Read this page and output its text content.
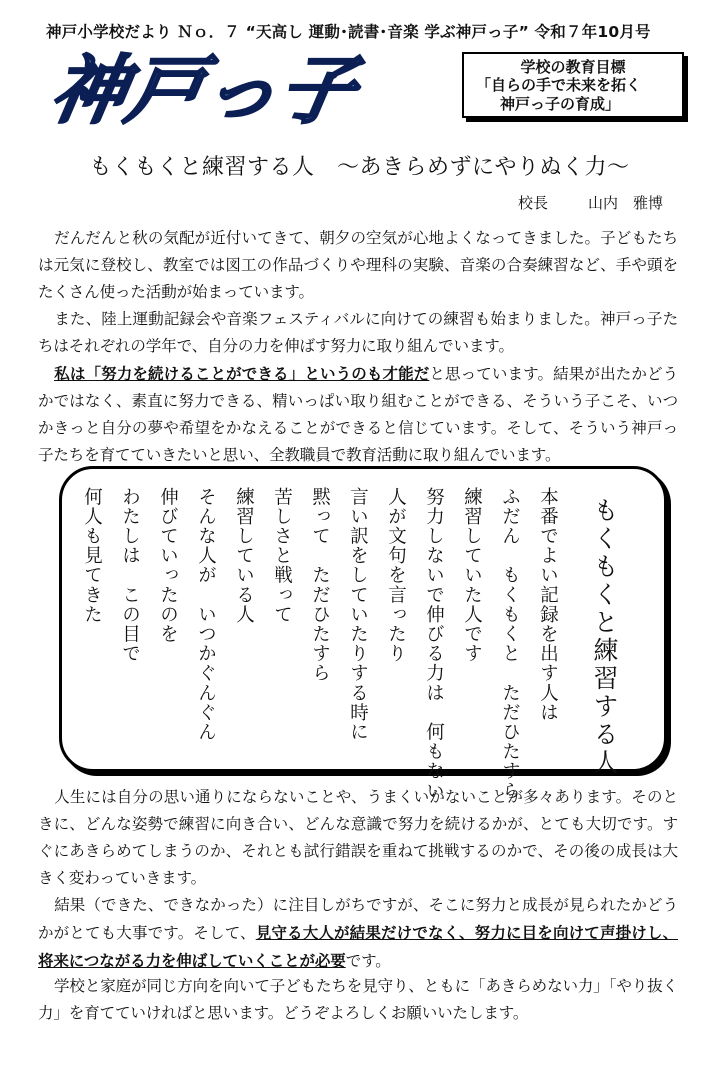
神戸小学校だより Ｎｏ．７ “天高し 運動･読書･音楽 学ぶ神戸っ子” 令和７年10月号
神戸っ子	学校の教育目標
「自らの手で未来を拓く
神戸っ子の育成」
もくもくと練習する人　～あきらめずにやりぬく力～
校長	山内　雅博
だんだんと秋の気配が近付いてきて、朝夕の空気が心地よくなってきました。子どもたちは元気に登校し、教室では図工の作品づくりや理科の実験、音楽の合奏練習など、手や頭をたくさん使った活動が始まっています。
また、陸上運動記録会や音楽フェスティバルに向けての練習も始まりました。神戸っ子たちはそれぞれの学年で、自分の力を伸ばす努力に取り組んでいます。
私は「努力を続けることができる」というのも才能だと思っています。結果が出たかどうかではなく、素直に努力できる、精いっぱい取り組むことができる、そういう子こそ、いつかきっと自分の夢や希望をかなえることができると信じています。そして、そういう神戸っ子たちを育てていきたいと思い、全教職員で教育活動に取り組んでいます。
もくもくと練習する人
本番でよい記録を出す人は
ふだん　もくもくと　ただひたすら
練習していた人です
努力しないで伸びる力は　何もない
人が文句を言ったり
言い訳をしていたりする時に
黙って　ただひたすら
苦しさと戦って
練習している人
そんな人が　いつかぐんぐん
伸びていったのを
わたしは　この目で
何人も見てきた
人生には自分の思い通りにならないことや、うまくいかないことが多々あります。そのときに、どんな姿勢で練習に向き合い、どんな意識で努力を続けるかが、とても大切です。すぐにあきらめてしまうのか、それとも試行錯誤を重ねて挑戦するのかで、その後の成長は大きく変わっていきます。
結果（できた、できなかった）に注目しがちですが、そこに努力と成長が見られたかどうかがとても大事です。そして、見守る大人が結果だけでなく、努力に目を向けて声掛けし、将来につながる力を伸ばしていくことが必要です。
学校と家庭が同じ方向を向いて子どもたちを見守り、ともに「あきらめない力」「やり抜く力」を育てていければと思います。どうぞよろしくお願いいたします。
